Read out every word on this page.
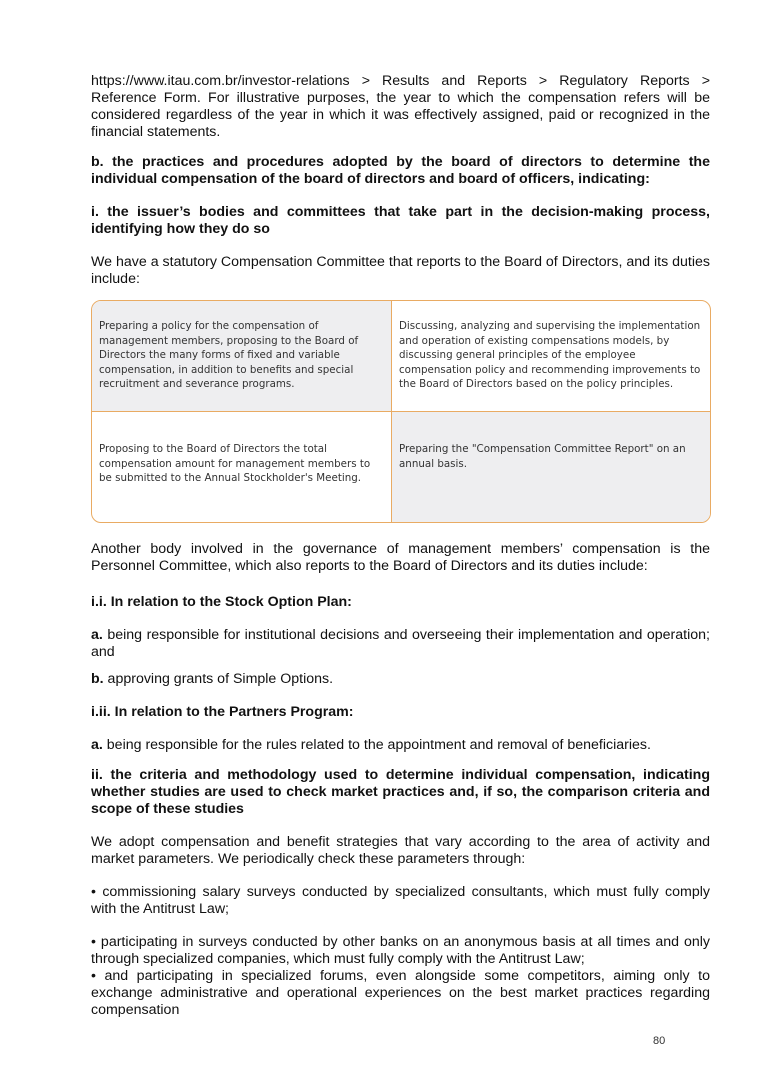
https://www.itau.com.br/investor-relations > Results and Reports > Regulatory Reports > Reference Form. For illustrative purposes, the year to which the compensation refers will be considered regardless of the year in which it was effectively assigned, paid or recognized in the financial statements.

b. the practices and procedures adopted by the board of directors to determine the individual compensation of the board of directors and board of officers, indicating:

i. the issuer’s bodies and committees that take part in the decision-making process, identifying how they do so

We have a statutory Compensation Committee that reports to the Board of Directors, and its duties include:

Preparing a policy for the compensation of management members, proposing to the Board of Directors the many forms of fixed and variable compensation, in addition to benefits and special recruitment and severance programs.
Discussing, analyzing and supervising the implementation and operation of existing compensations models, by discussing general principles of the employee compensation policy and recommending improvements to the Board of Directors based on the policy principles.
Proposing to the Board of Directors the total compensation amount for management members to be submitted to the Annual Stockholder's Meeting.
Preparing the "Compensation Committee Report" on an annual basis.

Another body involved in the governance of management members’ compensation is the Personnel Committee, which also reports to the Board of Directors and its duties include:

i.i. In relation to the Stock Option Plan:

a. being responsible for institutional decisions and overseeing their implementation and operation; and

b. approving grants of Simple Options.

i.ii. In relation to the Partners Program:

a. being responsible for the rules related to the appointment and removal of beneficiaries.

ii. the criteria and methodology used to determine individual compensation, indicating whether studies are used to check market practices and, if so, the comparison criteria and scope of these studies

We adopt compensation and benefit strategies that vary according to the area of activity and market parameters. We periodically check these parameters through:

• commissioning salary surveys conducted by specialized consultants, which must fully comply with the Antitrust Law;

• participating in surveys conducted by other banks on an anonymous basis at all times and only through specialized companies, which must fully comply with the Antitrust Law;

• and participating in specialized forums, even alongside some competitors, aiming only to exchange administrative and operational experiences on the best market practices regarding compensation

80
